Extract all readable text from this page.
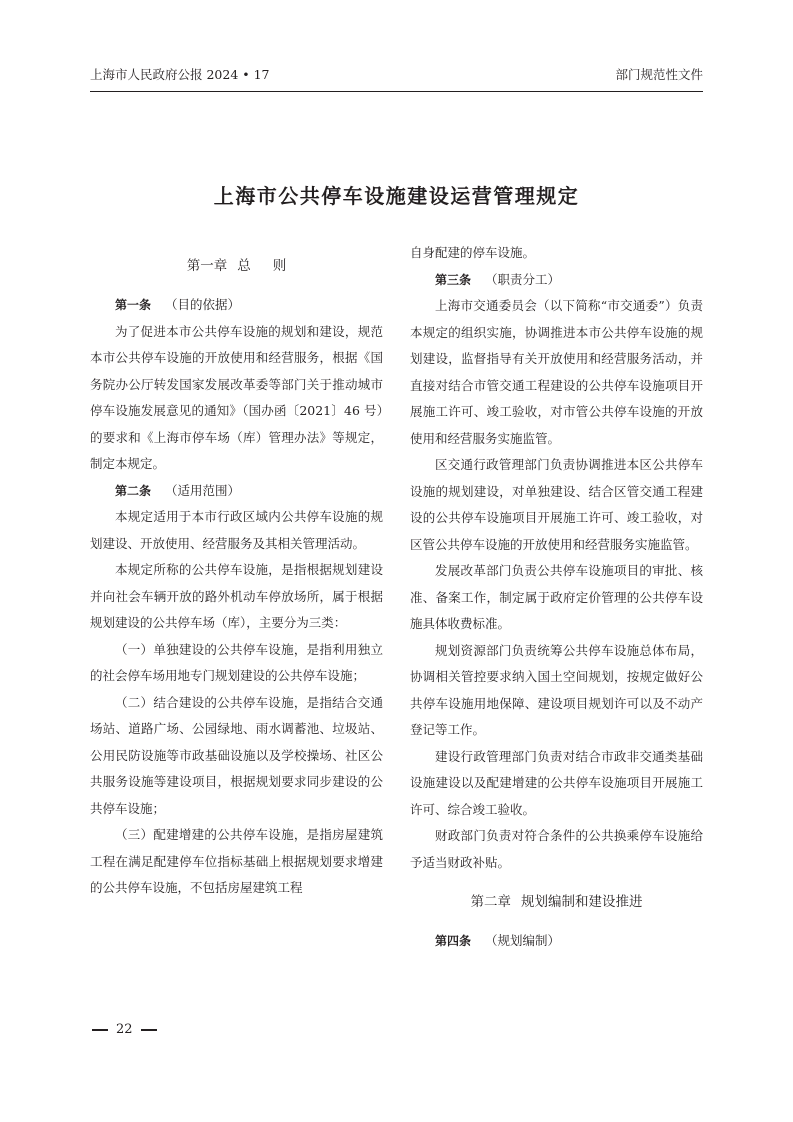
上海市人民政府公报 2024 • 17	部门规范性文件
上海市公共停车设施建设运营管理规定
第一章 总 则

第一条 （目的依据）

为了促进本市公共停车设施的规划和建设，规范本市公共停车设施的开放使用和经营服务，根据《国务院办公厅转发国家发展改革委等部门关于推动城市停车设施发展意见的通知》（国办函〔2021〕46 号）的要求和《上海市停车场（库）管理办法》等规定，制定本规定。

第二条 （适用范围）

本规定适用于本市行政区域内公共停车设施的规划建设、开放使用、经营服务及其相关管理活动。

本规定所称的公共停车设施，是指根据规划建设并向社会车辆开放的路外机动车停放场所，属于根据规划建设的公共停车场（库），主要分为三类：

（一）单独建设的公共停车设施，是指利用独立的社会停车场用地专门规划建设的公共停车设施；

（二）结合建设的公共停车设施，是指结合交通场站、道路广场、公园绿地、雨水调蓄池、垃圾站、公用民防设施等市政基础设施以及学校操场、社区公共服务设施等建设项目，根据规划要求同步建设的公共停车设施；

（三）配建增建的公共停车设施，是指房屋建筑工程在满足配建停车位指标基础上根据规划要求增建的公共停车设施，不包括房屋建筑工程

自身配建的停车设施。

第三条 （职责分工）

上海市交通委员会（以下简称“市交通委”）负责本规定的组织实施，协调推进本市公共停车设施的规划建设，监督指导有关开放使用和经营服务活动，并直接对结合市管交通工程建设的公共停车设施项目开展施工许可、竣工验收，对市管公共停车设施的开放使用和经营服务实施监管。

区交通行政管理部门负责协调推进本区公共停车设施的规划建设，对单独建设、结合区管交通工程建设的公共停车设施项目开展施工许可、竣工验收，对区管公共停车设施的开放使用和经营服务实施监管。

发展改革部门负责公共停车设施项目的审批、核准、备案工作，制定属于政府定价管理的公共停车设施具体收费标准。

规划资源部门负责统筹公共停车设施总体布局，协调相关管控要求纳入国土空间规划，按规定做好公共停车设施用地保障、建设项目规划许可以及不动产登记等工作。

建设行政管理部门负责对结合市政非交通类基础设施建设以及配建增建的公共停车设施项目开展施工许可、综合竣工验收。

财政部门负责对符合条件的公共换乘停车设施给予适当财政补贴。

第二章 规划编制和建设推进

第四条 （规划编制）

22
